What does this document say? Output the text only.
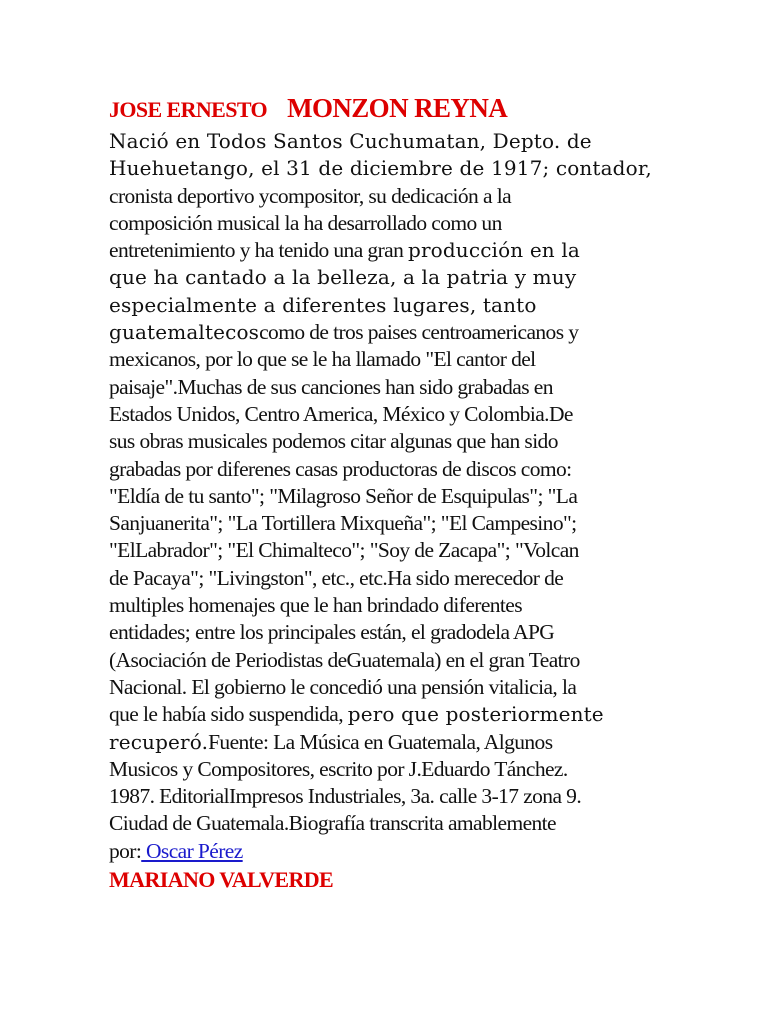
JOSE ERNESTO MONZON REYNA
Nació en Todos Santos Cuchumatan, Depto. de
Huehuetango, el 31 de diciembre de 1917; contador,
cronista deportivo ycompositor, su dedicación a la
composición musical la ha desarrollado como un
entretenimiento y ha tenido una gran producción en la
que ha cantado a la belleza, a la patria y muy
especialmente a diferentes lugares, tanto
guatemaltecoscomo de tros paises centroamericanos y
mexicanos, por lo que se le ha llamado "El cantor del
paisaje".Muchas de sus canciones han sido grabadas en
Estados Unidos, Centro America, México y Colombia.De
sus obras musicales podemos citar algunas que han sido
grabadas por diferenes casas productoras de discos como:
"Eldía de tu santo"; "Milagroso Señor de Esquipulas"; "La
Sanjuanerita"; "La Tortillera Mixqueña"; "El Campesino";
"ElLabrador"; "El Chimalteco"; "Soy de Zacapa"; "Volcan
de Pacaya"; "Livingston", etc., etc.Ha sido merecedor de
multiples homenajes que le han brindado diferentes
entidades; entre los principales están, el gradodela APG
(Asociación de Periodistas deGuatemala) en el gran Teatro
Nacional. El gobierno le concedió una pensión vitalicia, la
que le había sido suspendida, pero que posteriormente
recuperó.Fuente: La Música en Guatemala, Algunos
Musicos y Compositores, escrito por J.Eduardo Tánchez.
1987. EditorialImpresos Industriales, 3a. calle 3-17 zona 9.
Ciudad de Guatemala.Biografía transcrita amablemente
por: Oscar Pérez
MARIANO VALVERDE
